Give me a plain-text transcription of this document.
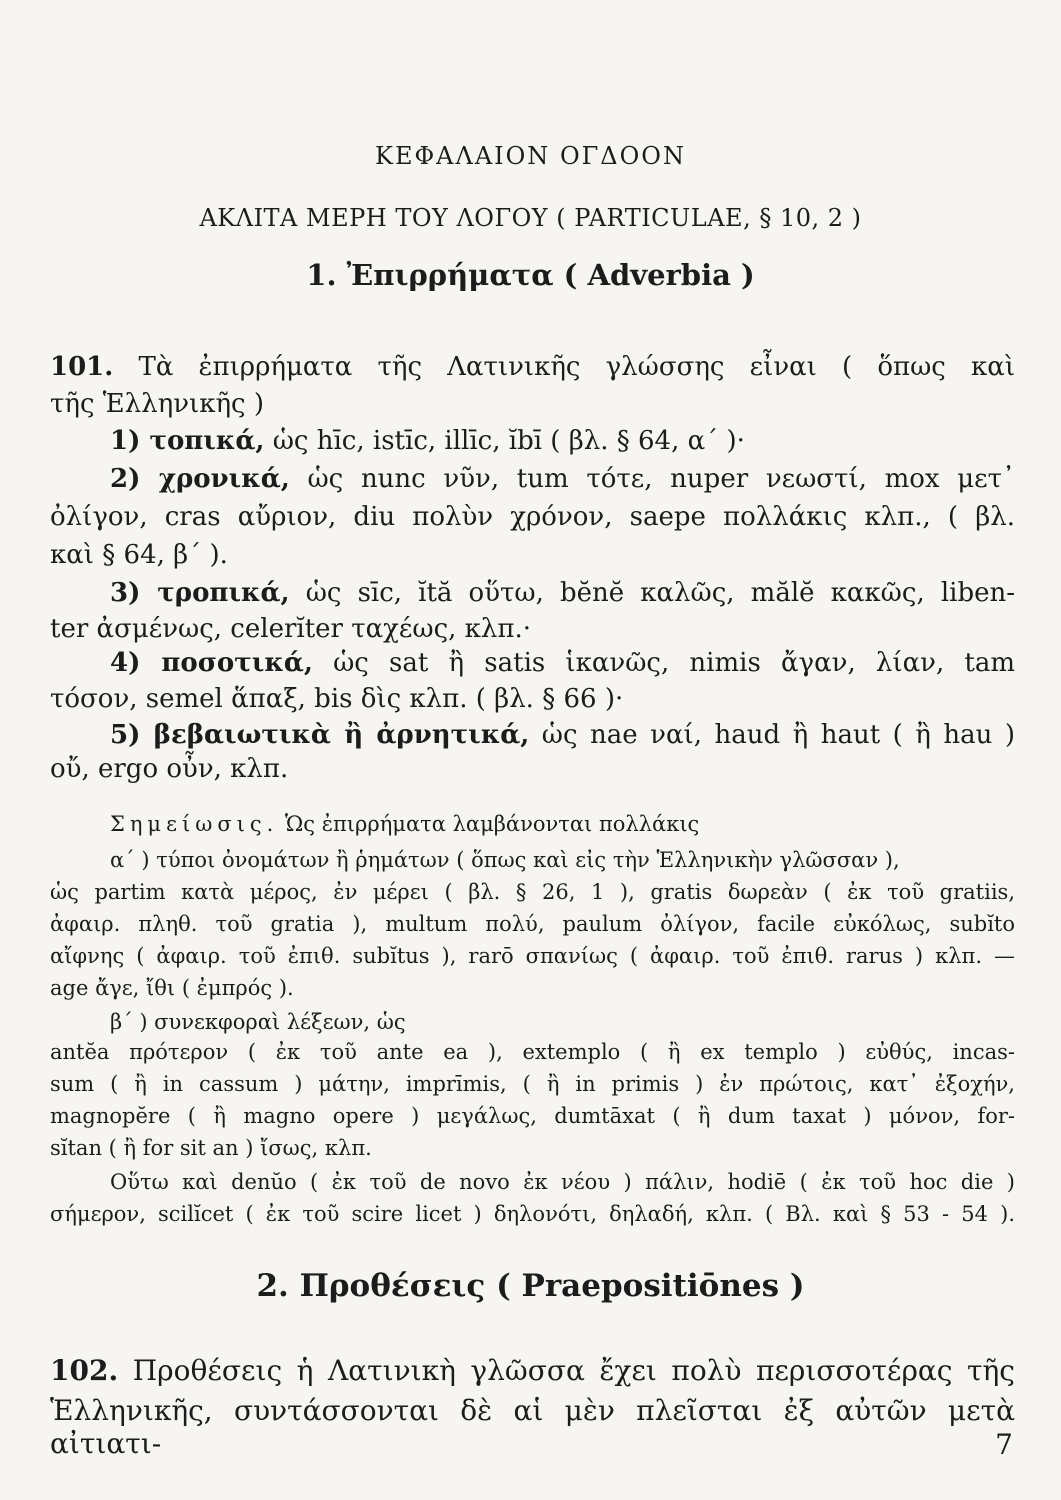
ΚΕΦΑΛΑΙΟΝ ΟΓΔΟΟΝ
ΑΚΛΙΤΑ ΜΕΡΗ ΤΟΥ ΛΟΓΟΥ ( PARTICULAE, § 10, 2 )
1. Ἐπιρρήματα ( Adverbia )
101. Τὰ ἐπιρρήματα τῆς Λατινικῆς γλώσσης εἶναι ( ὅπως καὶ
τῆς Ἑλληνικῆς )
1) τοπικά, ὡς hīc, istīc, illīc, ĭbī ( βλ. § 64, α΄ )·
2) χρονικά, ὡς nunc νῦν, tum τότε, nuper νεωστί, mox μετ᾽
ὀλίγον, cras αὔριον, diu πολὺν χρόνον, saepe πολλάκις κλπ., ( βλ.
καὶ § 64, β΄ ).
3) τροπικά, ὡς sīc, ĭtă οὕτω, bĕnĕ καλῶς, mălĕ κακῶς, liben-
ter ἀσμένως, celerĭter ταχέως, κλπ.·
4) ποσοτικά, ὡς sat ἢ satis ἱκανῶς, nimis ἄγαν, λίαν, tam
τόσον, semel ἅπαξ, bis δὶς κλπ. ( βλ. § 66 )·
5) βεβαιωτικὰ ἢ ἀρνητικά, ὡς nae ναί, haud ἢ haut ( ἢ hau )
οὔ, ergo οὖν, κλπ.
Σημείωσις. Ὡς ἐπιρρήματα λαμβάνονται πολλάκις
α΄ ) τύποι ὀνομάτων ἢ ῥημάτων ( ὅπως καὶ εἰς τὴν Ἑλληνικὴν γλῶσσαν ),
ὡς partim κατὰ μέρος, ἐν μέρει ( βλ. § 26, 1 ), gratis δωρεὰν ( ἐκ τοῦ gratiis,
ἀφαιρ. πληθ. τοῦ gratia ), multum πολύ, paulum ὀλίγον, facile εὐκόλως, subĭto
αἴφνης ( ἀφαιρ. τοῦ ἐπιθ. subĭtus ), rarō σπανίως ( ἀφαιρ. τοῦ ἐπιθ. rarus ) κλπ. —
age ἄγε, ἴθι ( ἐμπρός ).
β΄ ) συνεκφοραὶ λέξεων, ὡς
antĕa πρότερον ( ἐκ τοῦ ante ea ), extemplo ( ἢ ex templo ) εὐθύς, incas-
sum ( ἢ in cassum ) μάτην, imprīmis, ( ἢ in primis ) ἐν πρώτοις, κατ᾽ ἐξοχήν,
magnopĕre ( ἢ magno opere ) μεγάλως, dumtāxat ( ἢ dum taxat ) μόνον, for-
sĭtan ( ἢ for sit an ) ἴσως, κλπ.
Οὕτω καὶ denŭo ( ἐκ τοῦ de novo ἐκ νέου ) πάλιν, hodiē ( ἐκ τοῦ hoc die )
σήμερον, scilĭcet ( ἐκ τοῦ scire licet ) δηλονότι, δηλαδή, κλπ. ( Βλ. καὶ § 53 - 54 ).
2. Προθέσεις ( Praepositiōnes )
102. Προθέσεις ἡ Λατινικὴ γλῶσσα ἔχει πολὺ περισσοτέρας τῆς
Ἑλληνικῆς, συντάσσονται δὲ αἱ μὲν πλεῖσται ἐξ αὐτῶν μετὰ αἰτιατι-	7
